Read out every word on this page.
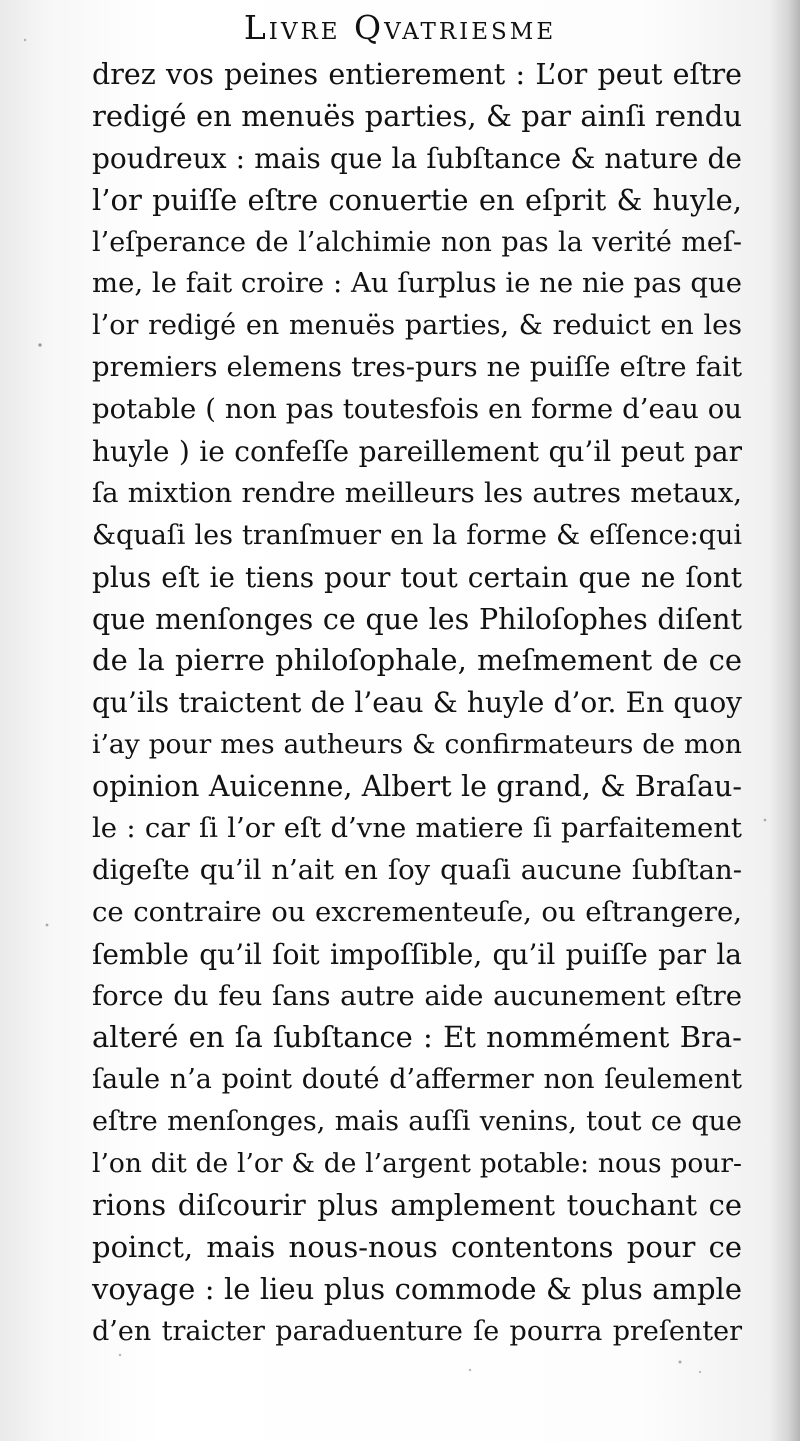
Livre Qvatriesme
drez vos peines entierement : L’or peut eſtre
redigé en menuës parties, & par ainſi rendu
poudreux : mais que la ſubſtance & nature de
l’or puiſſe eſtre conuertie en eſprit & huyle,
l’eſperance de l’alchimie non pas la verité meſ-
me, le fait croire : Au ſurplus ie ne nie pas que
l’or redigé en menuës parties, & reduict en les
premiers elemens tres-purs ne puiſſe eſtre fait
potable ( non pas toutesfois en forme d’eau ou
huyle ) ie confeſſe pareillement qu’il peut par
ſa mixtion rendre meilleurs les autres metaux,
&quaſi les tranſmuer en la forme & eſſence:qui
plus eſt ie tiens pour tout certain que ne ſont
que menſonges ce que les Philoſophes diſent
de la pierre philoſophale, meſmement de ce
qu’ils traictent de l’eau & huyle d’or. En quoy
i’ay pour mes autheurs & confirmateurs de mon
opinion Auicenne, Albert le grand, & Braſau-
le : car ſi l’or eſt d’vne matiere ſi parfaitement
digeſte qu’il n’ait en ſoy quaſi aucune ſubſtan-
ce contraire ou excrementeuſe, ou eſtrangere,
ſemble qu’il ſoit impoſſible, qu’il puiſſe par la
force du feu ſans autre aide aucunement eſtre
alteré en ſa ſubſtance : Et nommément Bra-
ſaule n’a point douté d’affermer non ſeulement
eſtre menſonges, mais auſſi venins, tout ce que
l’on dit de l’or & de l’argent potable: nous pour-
rions diſcourir plus amplement touchant ce
poinct, mais nous-nous contentons pour ce
voyage : le lieu plus commode & plus ample
d’en traicter paraduenture ſe pourra preſenter
